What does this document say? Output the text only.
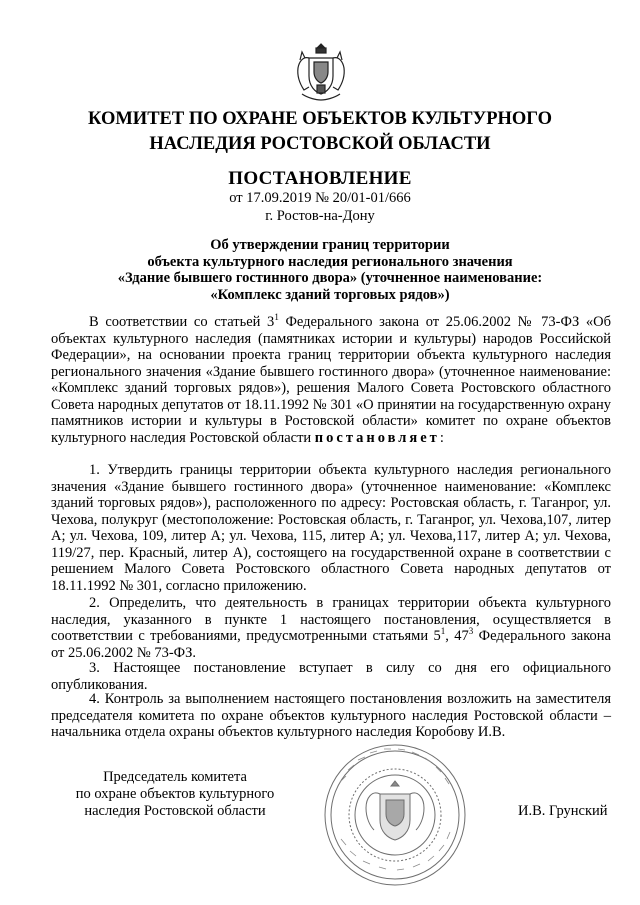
КОМИТЕТ ПО ОХРАНЕ ОБЪЕКТОВ КУЛЬТУРНОГО
НАСЛЕДИЯ РОСТОВСКОЙ ОБЛАСТИ
ПОСТАНОВЛЕНИЕ
от 17.09.2019 № 20/01-01/666
г. Ростов-на-Дону
Об утверждении границ территории
объекта культурного наследия регионального значения
«Здание бывшего гостинного двора» (уточненное наименование:
«Комплекс зданий торговых рядов»)

В соответствии со статьей $3^1$ Федерального закона от 25.06.2002 № 73-ФЗ «Об объектах культурного наследия (памятниках истории и культуры) народов Российской Федерации», на основании проекта границ территории объекта культурного наследия регионального значения «Здание бывшего гостинного двора» (уточненное наименование: «Комплекс зданий торговых рядов»), решения Малого Совета Ростовского областного Совета народных депутатов от 18.11.1992 № 301 «О принятии на государственную охрану памятников истории и культуры в Ростовской области» комитет по охране объектов культурного наследия Ростовской области постановляет:

1. Утвердить границы территории объекта культурного наследия регионального значения «Здание бывшего гостинного двора» (уточненное наименование: «Комплекс зданий торговых рядов»), расположенного по адресу: Ростовская область, г. Таганрог, ул. Чехова, полукруг (местоположение: Ростовская область, г. Таганрог, ул. Чехова,107, литер А; ул. Чехова, 109, литер А; ул. Чехова, 115, литер А; ул. Чехова,117, литер А; ул. Чехова, 119/27, пер. Красный, литер А), состоящего на государственной охране в соответствии с решением Малого Совета Ростовского областного Совета народных депутатов от 18.11.1992 № 301, согласно приложению.

2. Определить, что деятельность в границах территории объекта культурного наследия, указанного в пункте 1 настоящего постановления, осуществляется в соответствии с требованиями, предусмотренными статьями $5^1$, $47^3$ Федерального закона от 25.06.2002 № 73-ФЗ.

3. Настоящее постановление вступает в силу со дня его официального опубликования.

4. Контроль за выполнением настоящего постановления возложить на заместителя председателя комитета по охране объектов культурного наследия Ростовской области – начальника отдела охраны объектов культурного наследия Коробову И.В.

Председатель комитета
по охране объектов культурного
наследия Ростовской области	И.В. Грунский
